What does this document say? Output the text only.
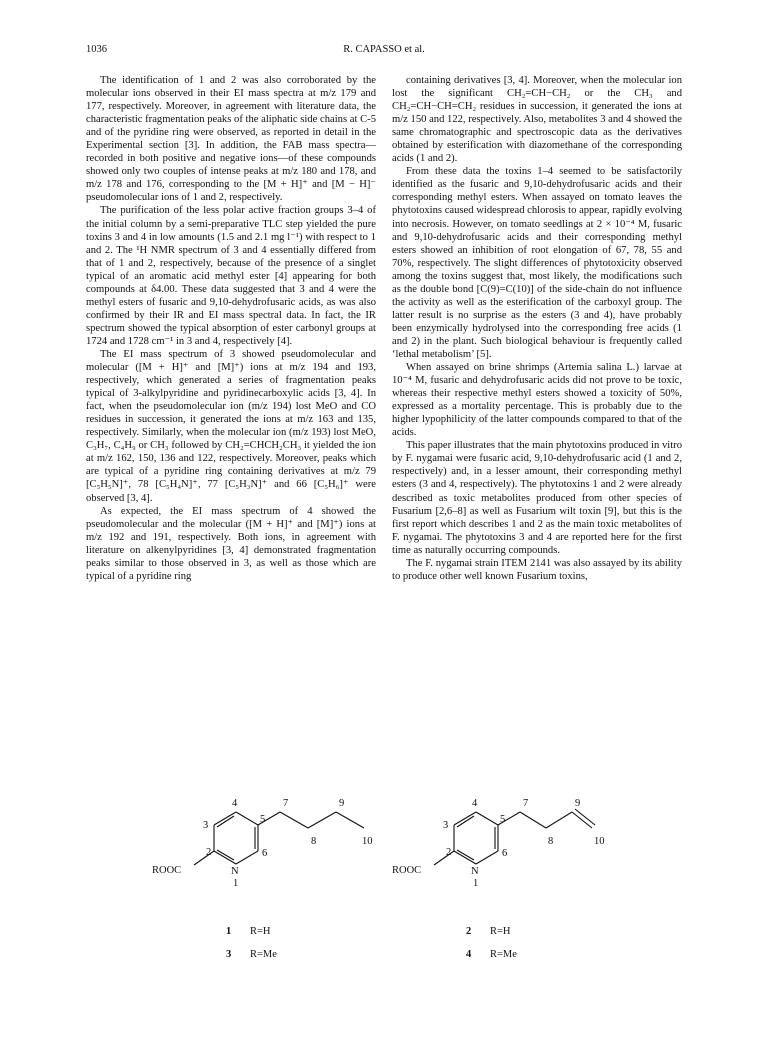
1036	R. CAPASSO et al.

The identification of 1 and 2 was also corroborated by the molecular ions observed in their EI mass spectra at m/z 179 and 177, respectively. Moreover, in agreement with literature data, the characteristic fragmentation peaks of the aliphatic side chains at C-5 and of the pyridine ring were observed, as reported in detail in the Experimental section [3]. In addition, the FAB mass spectra—recorded in both positive and negative ions—of these compounds showed only two couples of intense peaks at m/z 180 and 178, and m/z 178 and 176, corresponding to the [M + H]⁺ and [M − H]⁻ pseudomolecular ions of 1 and 2, respectively.

The purification of the less polar active fraction groups 3–4 of the initial column by a semi-preparative TLC step yielded the pure toxins 3 and 4 in low amounts (1.5 and 2.1 mg l⁻¹) with respect to 1 and 2. The ¹H NMR spectrum of 3 and 4 essentially differed from that of 1 and 2, respectively, because of the presence of a singlet typical of an aromatic acid methyl ester [4] appearing for both compounds at δ4.00. These data suggested that 3 and 4 were the methyl esters of fusaric and 9,10-dehydrofusaric acids, as was also confirmed by their IR and EI mass spectral data. In fact, the IR spectrum showed the typical absorption of ester carbonyl groups at 1724 and 1728 cm⁻¹ in 3 and 4, respectively [4].

The EI mass spectrum of 3 showed pseudomolecular and molecular ([M + H]⁺ and [M]⁺) ions at m/z 194 and 193, respectively, which generated a series of fragmentation peaks typical of 3-alkylpyridine and pyridinecarboxylic acids [3, 4]. In fact, when the pseudomolecular ion (m/z 194) lost MeO and CO residues in succession, it generated the ions at m/z 163 and 135, respectively. Similarly, when the molecular ion (m/z 193) lost MeO, C₃H₇, C₄H₉ or CH₃ followed by CH₂=CHCH₂CH₃ it yielded the ion at m/z 162, 150, 136 and 122, respectively. Moreover, peaks which are typical of a pyridine ring containing derivatives at m/z 79 [C₅H₅N]⁺, 78 [C₅H₄N]⁺, 77 [C₅H₃N]⁺ and 66 [C₅H₆]⁺ were observed [3, 4].

As expected, the EI mass spectrum of 4 showed the pseudomolecular and the molecular ([M + H]⁺ and [M]⁺) ions at m/z 192 and 191, respectively. Both ions, in agreement with literature on alkenylpyridines [3, 4] demonstrated fragmentation peaks similar to those observed in 3, as well as those which are typical of a pyridine ring

containing derivatives [3, 4]. Moreover, when the molecular ion lost the significant CH₂=CH−CH₂ or the CH₃ and CH₂=CH−CH=CH₂ residues in succession, it generated the ions at m/z 150 and 122, respectively. Also, metabolites 3 and 4 showed the same chromatographic and spectroscopic data as the derivatives obtained by esterification with diazomethane of the corresponding acids (1 and 2).

From these data the toxins 1–4 seemed to be satisfactorily identified as the fusaric and 9,10-dehydrofusaric acids and their corresponding methyl esters. When assayed on tomato leaves the phytotoxins caused widespread chlorosis to appear, rapidly evolving into necrosis. However, on tomato seedlings at 2 × 10⁻⁴ M, fusaric and 9,10-dehydrofusaric acids and their corresponding methyl esters showed an inhibition of root elongation of 67, 78, 55 and 70%, respectively. The slight differences of phytotoxicity observed among the toxins suggest that, most likely, the modifications such as the double bond [C(9)=C(10)] of the side-chain do not influence the activity as well as the esterification of the carboxyl group. The latter result is no surprise as the esters (3 and 4), have probably been enzymically hydrolysed into the corresponding free acids (1 and 2) in the plant. Such biological behaviour is frequently called ‘lethal metabolism’ [5].

When assayed on brine shrimps (Artemia salina L.) larvae at 10⁻⁴ M, fusaric and dehydrofusaric acids did not prove to be toxic, whereas their respective methyl esters showed a toxicity of 50%, expressed as a mortality percentage. This is probably due to the higher lypophilicity of the latter compounds compared to that of the acids.

This paper illustrates that the main phytotoxins produced in vitro by F. nygamai were fusaric acid, 9,10-dehydrofusaric acid (1 and 2, respectively) and, in a lesser amount, their corresponding methyl esters (3 and 4, respectively). The phytotoxins 1 and 2 were already described as toxic metabolites produced from other species of Fusarium [2,6–8] as well as Fusarium wilt toxin [9], but this is the first report which describes 1 and 2 as the main toxic metabolites of F. nygamai. The phytotoxins 3 and 4 are reported here for the first time as naturally occurring compounds.

The F. nygamai strain ITEM 2141 was also assayed by its ability to produce other well known Fusarium toxins,

4
5
6
3
2
N
1
7
8
9
10
ROOC
1 R=H
3 R=Me
4
5
6
3
2
N
1
7
8
9
10
ROOC
2 R=H
4 R=Me
